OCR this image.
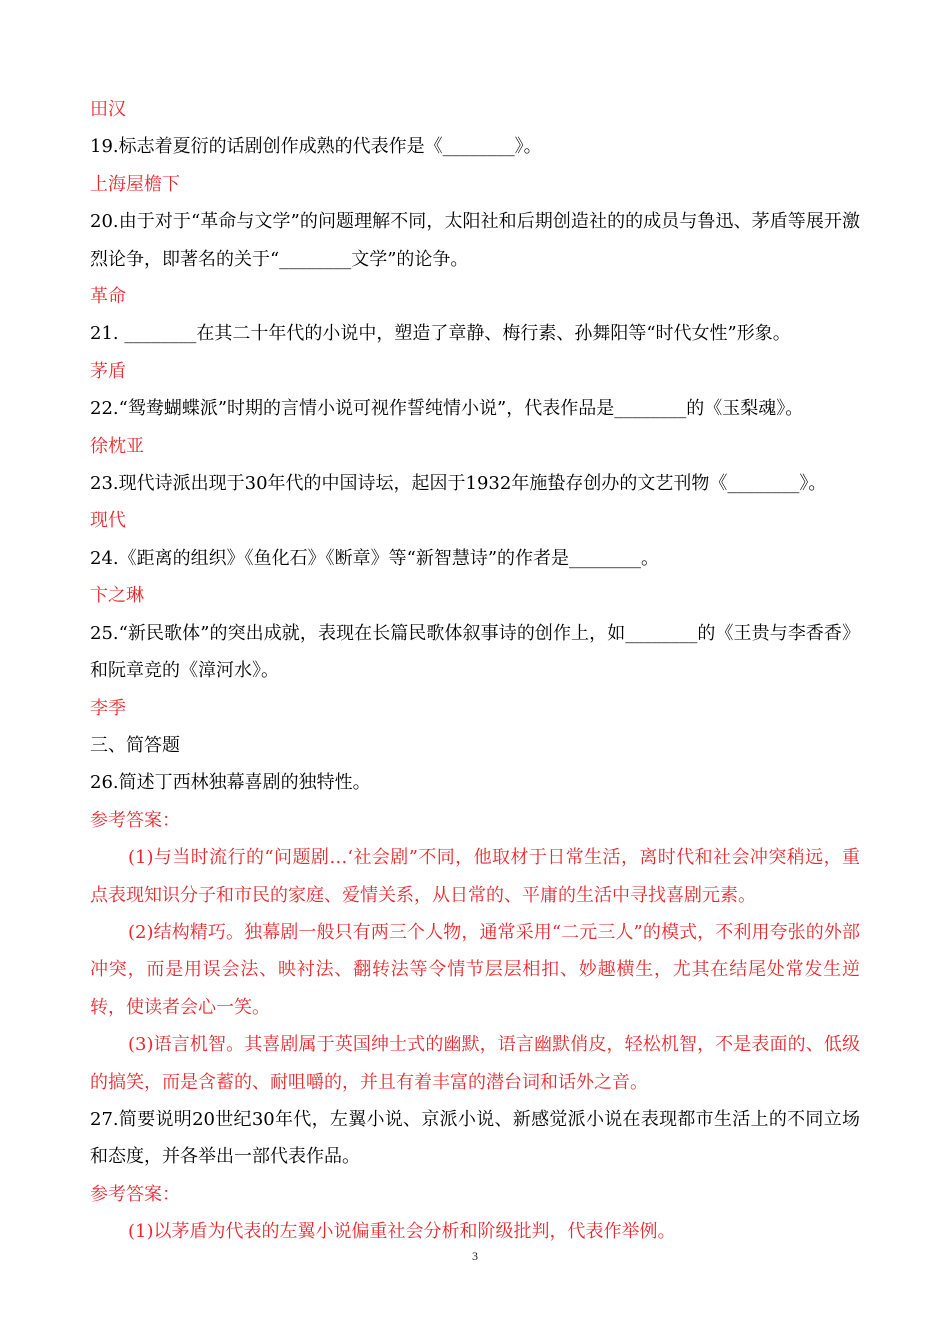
田汉
19.标志着夏衍的话剧创作成熟的代表作是《________》。
上海屋檐下
20.由于对于“革命与文学”的问题理解不同，太阳社和后期创造社的的成员与鲁迅、茅盾等展开激烈论争，即著名的关于“________文学”的论争。
革命
21. ________在其二十年代的小说中，塑造了章静、梅行素、孙舞阳等“时代女性”形象。
茅盾
22.“鸳鸯蝴蝶派”时期的言情小说可视作誓纯情小说”，代表作品是________的《玉梨魂》。
徐枕亚
23.现代诗派出现于30年代的中国诗坛，起因于1932年施蛰存创办的文艺刊物《________》。
现代
24.《距离的组织》《鱼化石》《断章》等“新智慧诗”的作者是________。
卞之琳
25.“新民歌体”的突出成就，表现在长篇民歌体叙事诗的创作上，如________的《王贵与李香香》和阮章竞的《漳河水》。
李季
三、简答题
26.简述丁西林独幕喜剧的独特性。
参考答案：
(1)与当时流行的“问题剧…‘社会剧”不同，他取材于日常生活，离时代和社会冲突稍远，重点表现知识分子和市民的家庭、爱情关系，从日常的、平庸的生活中寻找喜剧元素。
(2)结构精巧。独幕剧一般只有两三个人物，通常采用“二元三人”的模式，不利用夸张的外部冲突，而是用误会法、映衬法、翻转法等令情节层层相扣、妙趣横生，尤其在结尾处常发生逆转，使读者会心一笑。
(3)语言机智。其喜剧属于英国绅士式的幽默，语言幽默俏皮，轻松机智，不是表面的、低级的搞笑，而是含蓄的、耐咀嚼的，并且有着丰富的潜台词和话外之音。
27.简要说明20世纪30年代，左翼小说、京派小说、新感觉派小说在表现都市生活上的不同立场和态度，并各举出一部代表作品。
参考答案：
(1)以茅盾为代表的左翼小说偏重社会分析和阶级批判，代表作举例。
3
